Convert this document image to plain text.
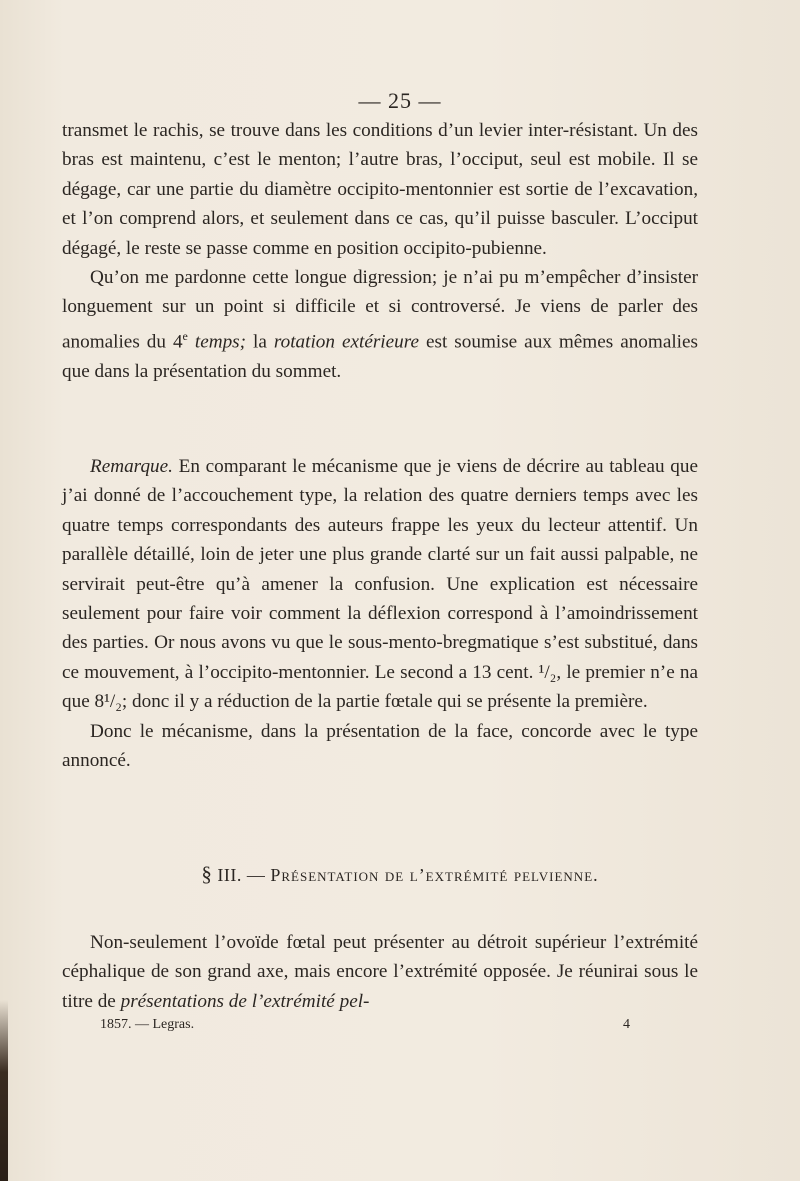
— 25 —

transmet le rachis, se trouve dans les conditions d’un levier inter-résistant. Un des bras est maintenu, c’est le menton; l’autre bras, l’occiput, seul est mobile. Il se dégage, car une partie du diamètre occipito-mentonnier est sortie de l’excavation, et l’on comprend alors, et seulement dans ce cas, qu’il puisse basculer. L’occiput dégagé, le reste se passe comme en position occipito-pubienne.

Qu’on me pardonne cette longue digression; je n’ai pu m’empêcher d’insister longuement sur un point si difficile et si controversé. Je viens de parler des anomalies du 4e temps; la rotation extérieure est soumise aux mêmes anomalies que dans la présentation du sommet.

Remarque. En comparant le mécanisme que je viens de décrire au tableau que j’ai donné de l’accouchement type, la relation des quatre derniers temps avec les quatre temps correspondants des auteurs frappe les yeux du lecteur attentif. Un parallèle détaillé, loin de jeter une plus grande clarté sur un fait aussi palpable, ne servirait peut-être qu’à amener la confusion. Une explication est nécessaire seulement pour faire voir comment la déflexion correspond à l’amoindrissement des parties. Or nous avons vu que le sous-mento-bregmatique s’est substitué, dans ce mouvement, à l’occipito-mentonnier. Le second a 13 cent. ¹/₂, le premier n’e na que 8¹/₂; donc il y a réduction de la partie fœtale qui se présente la première.

Donc le mécanisme, dans la présentation de la face, concorde avec le type annoncé.

§ III. — Présentation de l’extrémité pelvienne.

Non-seulement l’ovoïde fœtal peut présenter au détroit supérieur l’extrémité céphalique de son grand axe, mais encore l’extrémité opposée. Je réunirai sous le titre de présentations de l’extrémité pel-

1857. — Legras.	4
